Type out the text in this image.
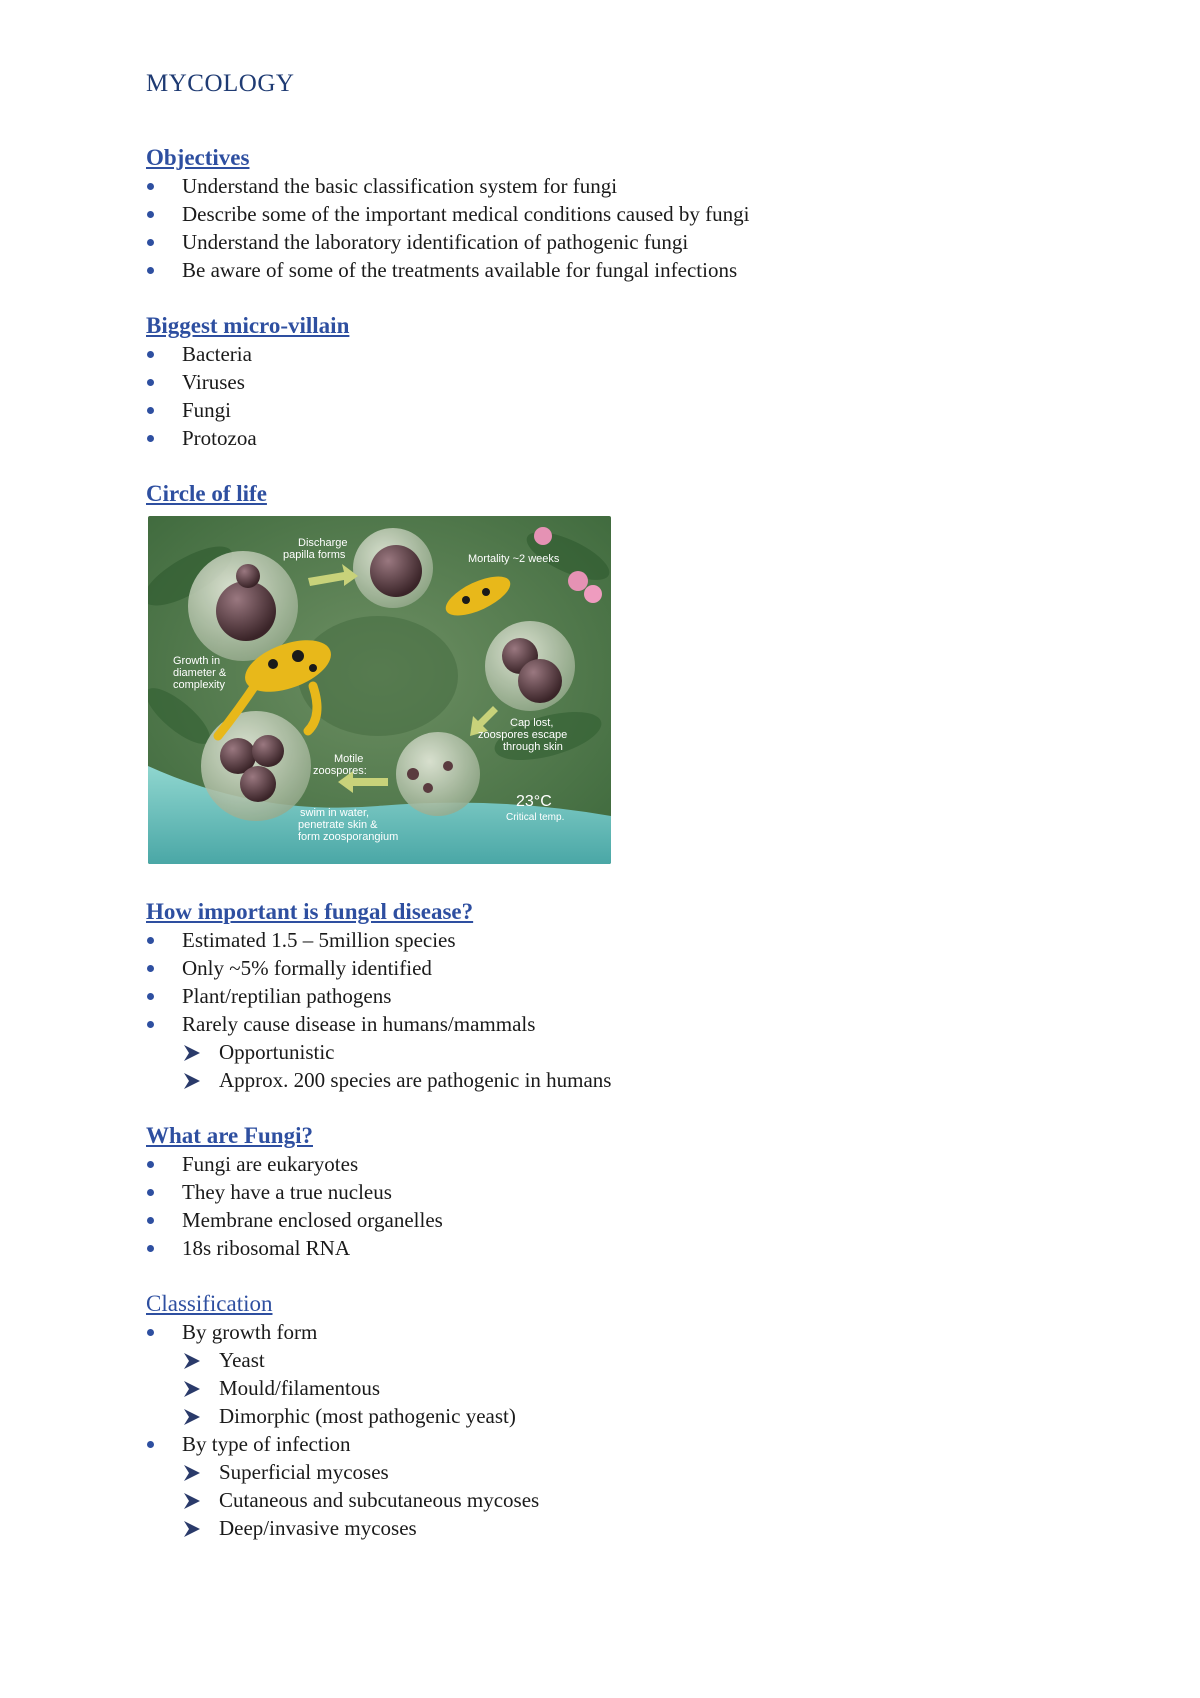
MYCOLOGY
Objectives
Understand the basic classification system for fungi
Describe some of the important medical conditions caused by fungi
Understand the laboratory identification of pathogenic fungi
Be aware of some of the treatments available for fungal infections
Biggest micro-villain
Bacteria
Viruses
Fungi
Protozoa
Circle of life
Discharge
papilla forms	Mortality ~2 weeks
Growth in
diameter &
complexity
Cap lost,
zoospores escape
through skin
Motile
zoospores:
swim in water,
penetrate skin &
form zoosporangium
23°C
Critical temp.
How important is fungal disease?
Estimated 1.5 – 5million species
Only ~5% formally identified
Plant/reptilian pathogens
Rarely cause disease in humans/mammals
Opportunistic
Approx. 200 species are pathogenic in humans
What are Fungi?
Fungi are eukaryotes
They have a true nucleus
Membrane enclosed organelles
18s ribosomal RNA
Classification
By growth form
Yeast
Mould/filamentous
Dimorphic (most pathogenic yeast)
By type of infection
Superficial mycoses
Cutaneous and subcutaneous mycoses
Deep/invasive mycoses
